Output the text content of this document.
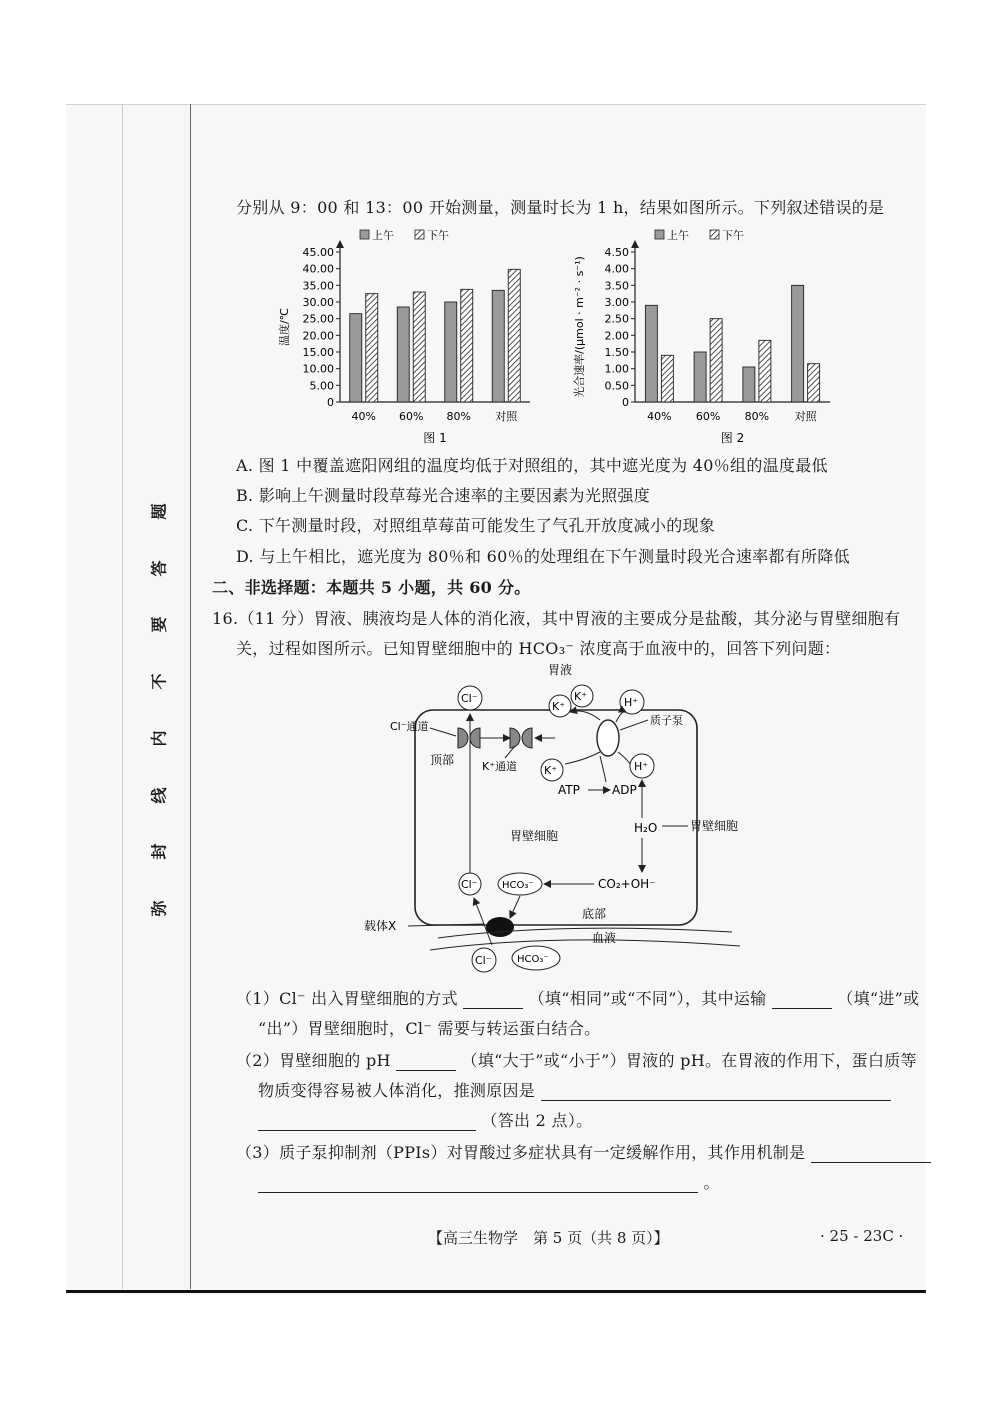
题
答
要
不
内
线
封
弥
分别从 9：00 和 13：00 开始测量，测量时长为 1 h，结果如图所示。下列叙述错误的是
0
5.00
10.00
15.00
20.00
25.00
30.00
35.00
40.00
45.00
温度/℃
40% 60% 80% 对照
上午	下午
图 1
0
0.50
1.00
1.50
2.00
2.50
3.00
3.50
4.00
4.50
光合速率/(μmol · m⁻² · s⁻¹)
40% 60% 80% 对照
上午	下午
图 2
A. 图 1 中覆盖遮阳网组的温度均低于对照组的，其中遮光度为 40％组的温度最低
B. 影响上午测量时段草莓光合速率的主要因素为光照强度
C. 下午测量时段，对照组草莓苗可能发生了气孔开放度减小的现象
D. 与上午相比，遮光度为 80％和 60％的处理组在下午测量时段光合速率都有所降低
二、非选择题：本题共 5 小题，共 60 分。
16.（11 分）胃液、胰液均是人体的消化液，其中胃液的主要成分是盐酸，其分泌与胃壁细胞有
关，过程如图所示。已知胃壁细胞中的 HCO₃⁻ 浓度高于血液中的，回答下列问题：
胃液
Cl⁻
Cl⁻通道
顶部	K⁺通道
K⁺
K⁺	H⁺
质子泵
K⁺	H⁺
ATP	ADP
H₂O	胃壁细胞
胃壁细胞
CO₂+OH⁻
HCO₃⁻
Cl⁻
底部
载体X
血液
Cl⁻	HCO₃⁻
（1）Cl⁻ 出入胃壁细胞的方式	（填“相同”或“不同”），其中运输	（填“进”或
“出”）胃壁细胞时，Cl⁻ 需要与转运蛋白结合。
（2）胃壁细胞的 pH	（填“大于”或“小于”）胃液的 pH。在胃液的作用下，蛋白质等
物质变得容易被人体消化，推测原因是
（答出 2 点）。
（3）质子泵抑制剂（PPIs）对胃酸过多症状具有一定缓解作用，其作用机制是
。
【高三生物学　第 5 页（共 8 页）】	· 25 - 23C ·
